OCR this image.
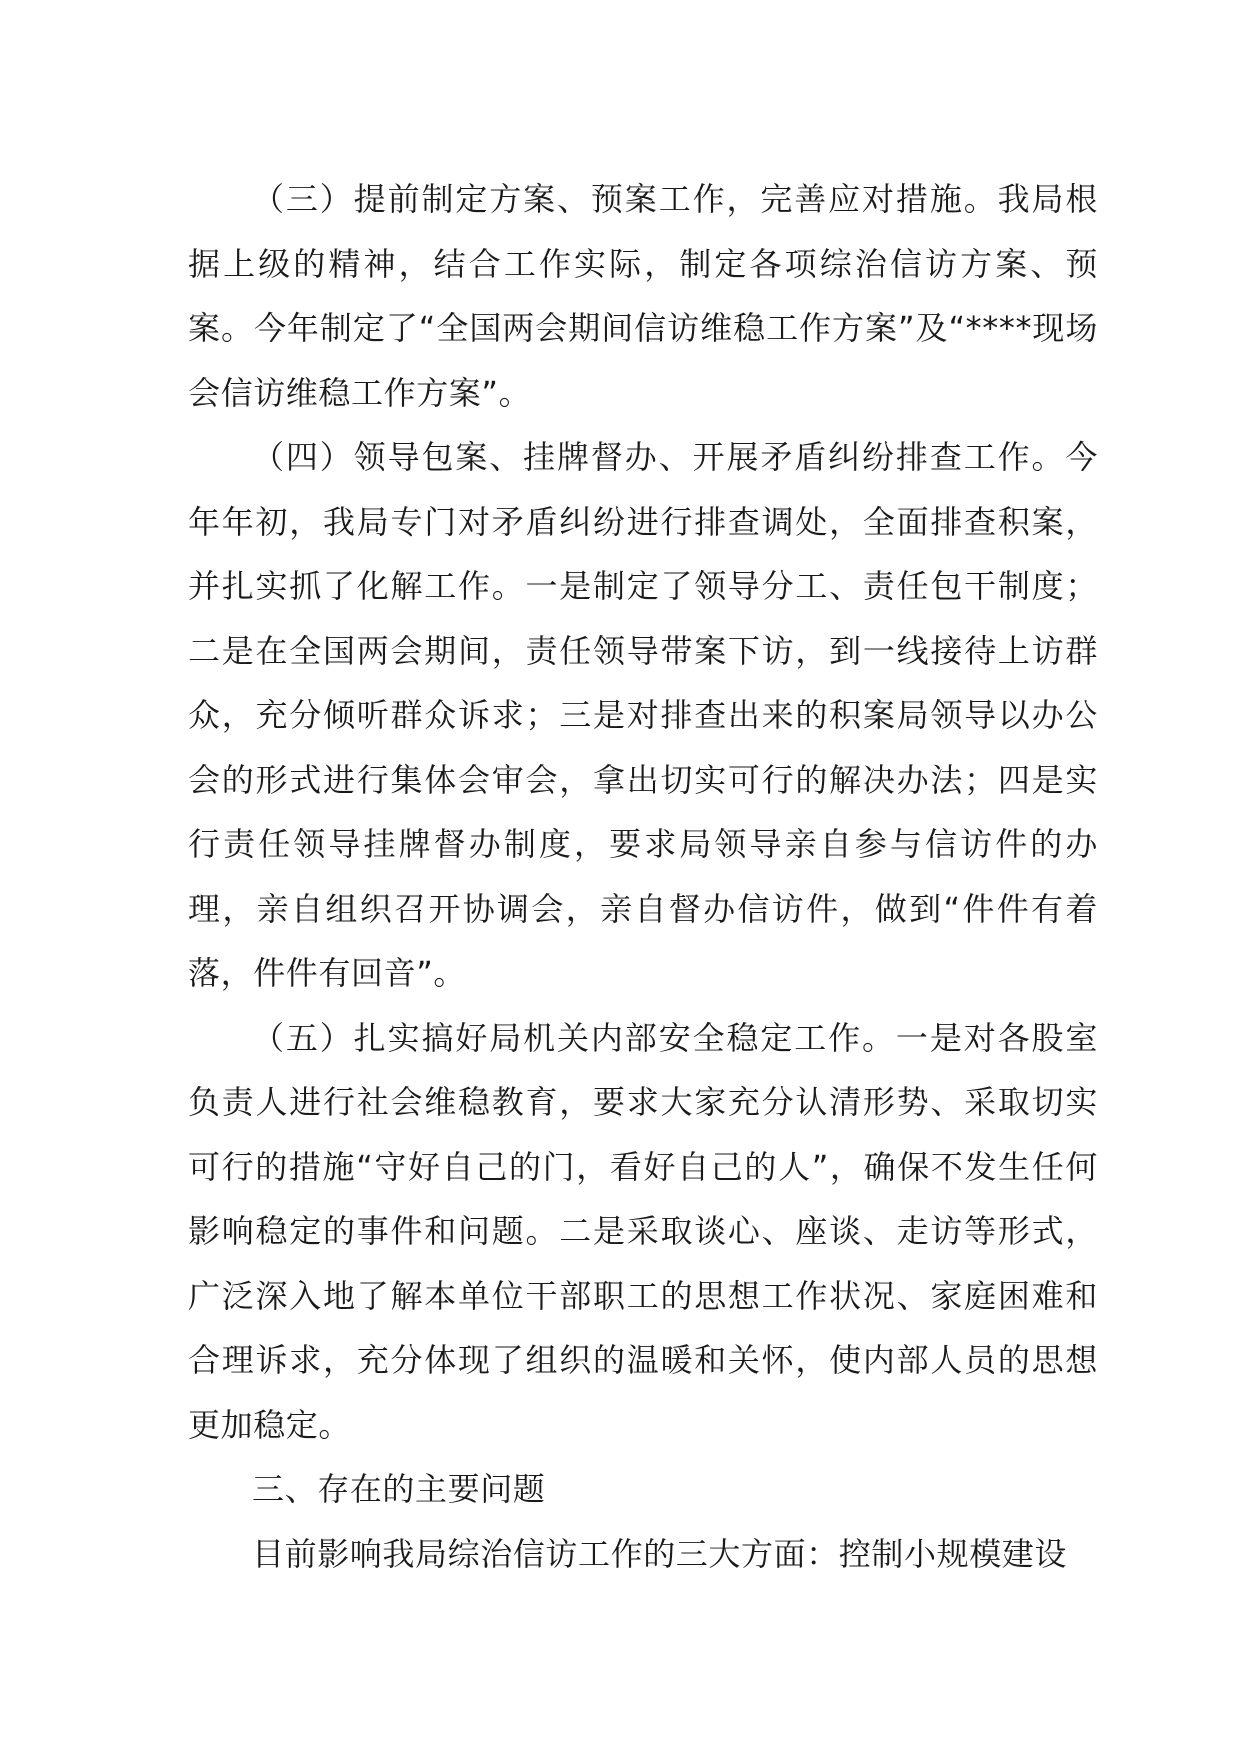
（三）提前制定方案、预案工作，完善应对措施。我局根据上级的精神，结合工作实际，制定各项综治信访方案、预案。今年制定了“全国两会期间信访维稳工作方案”及“****现场会信访维稳工作方案”。

（四）领导包案、挂牌督办、开展矛盾纠纷排查工作。今年年初，我局专门对矛盾纠纷进行排查调处，全面排查积案，并扎实抓了化解工作。一是制定了领导分工、责任包干制度；二是在全国两会期间，责任领导带案下访，到一线接待上访群众，充分倾听群众诉求；三是对排查出来的积案局领导以办公会的形式进行集体会审会，拿出切实可行的解决办法；四是实行责任领导挂牌督办制度，要求局领导亲自参与信访件的办理，亲自组织召开协调会，亲自督办信访件，做到“件件有着落，件件有回音”。

（五）扎实搞好局机关内部安全稳定工作。一是对各股室负责人进行社会维稳教育，要求大家充分认清形势、采取切实可行的措施“守好自己的门，看好自己的人”，确保不发生任何影响稳定的事件和问题。二是采取谈心、座谈、走访等形式，广泛深入地了解本单位干部职工的思想工作状况、家庭困难和合理诉求，充分体现了组织的温暖和关怀，使内部人员的思想更加稳定。

三、存在的主要问题

目前影响我局综治信访工作的三大方面：控制小规模建设
